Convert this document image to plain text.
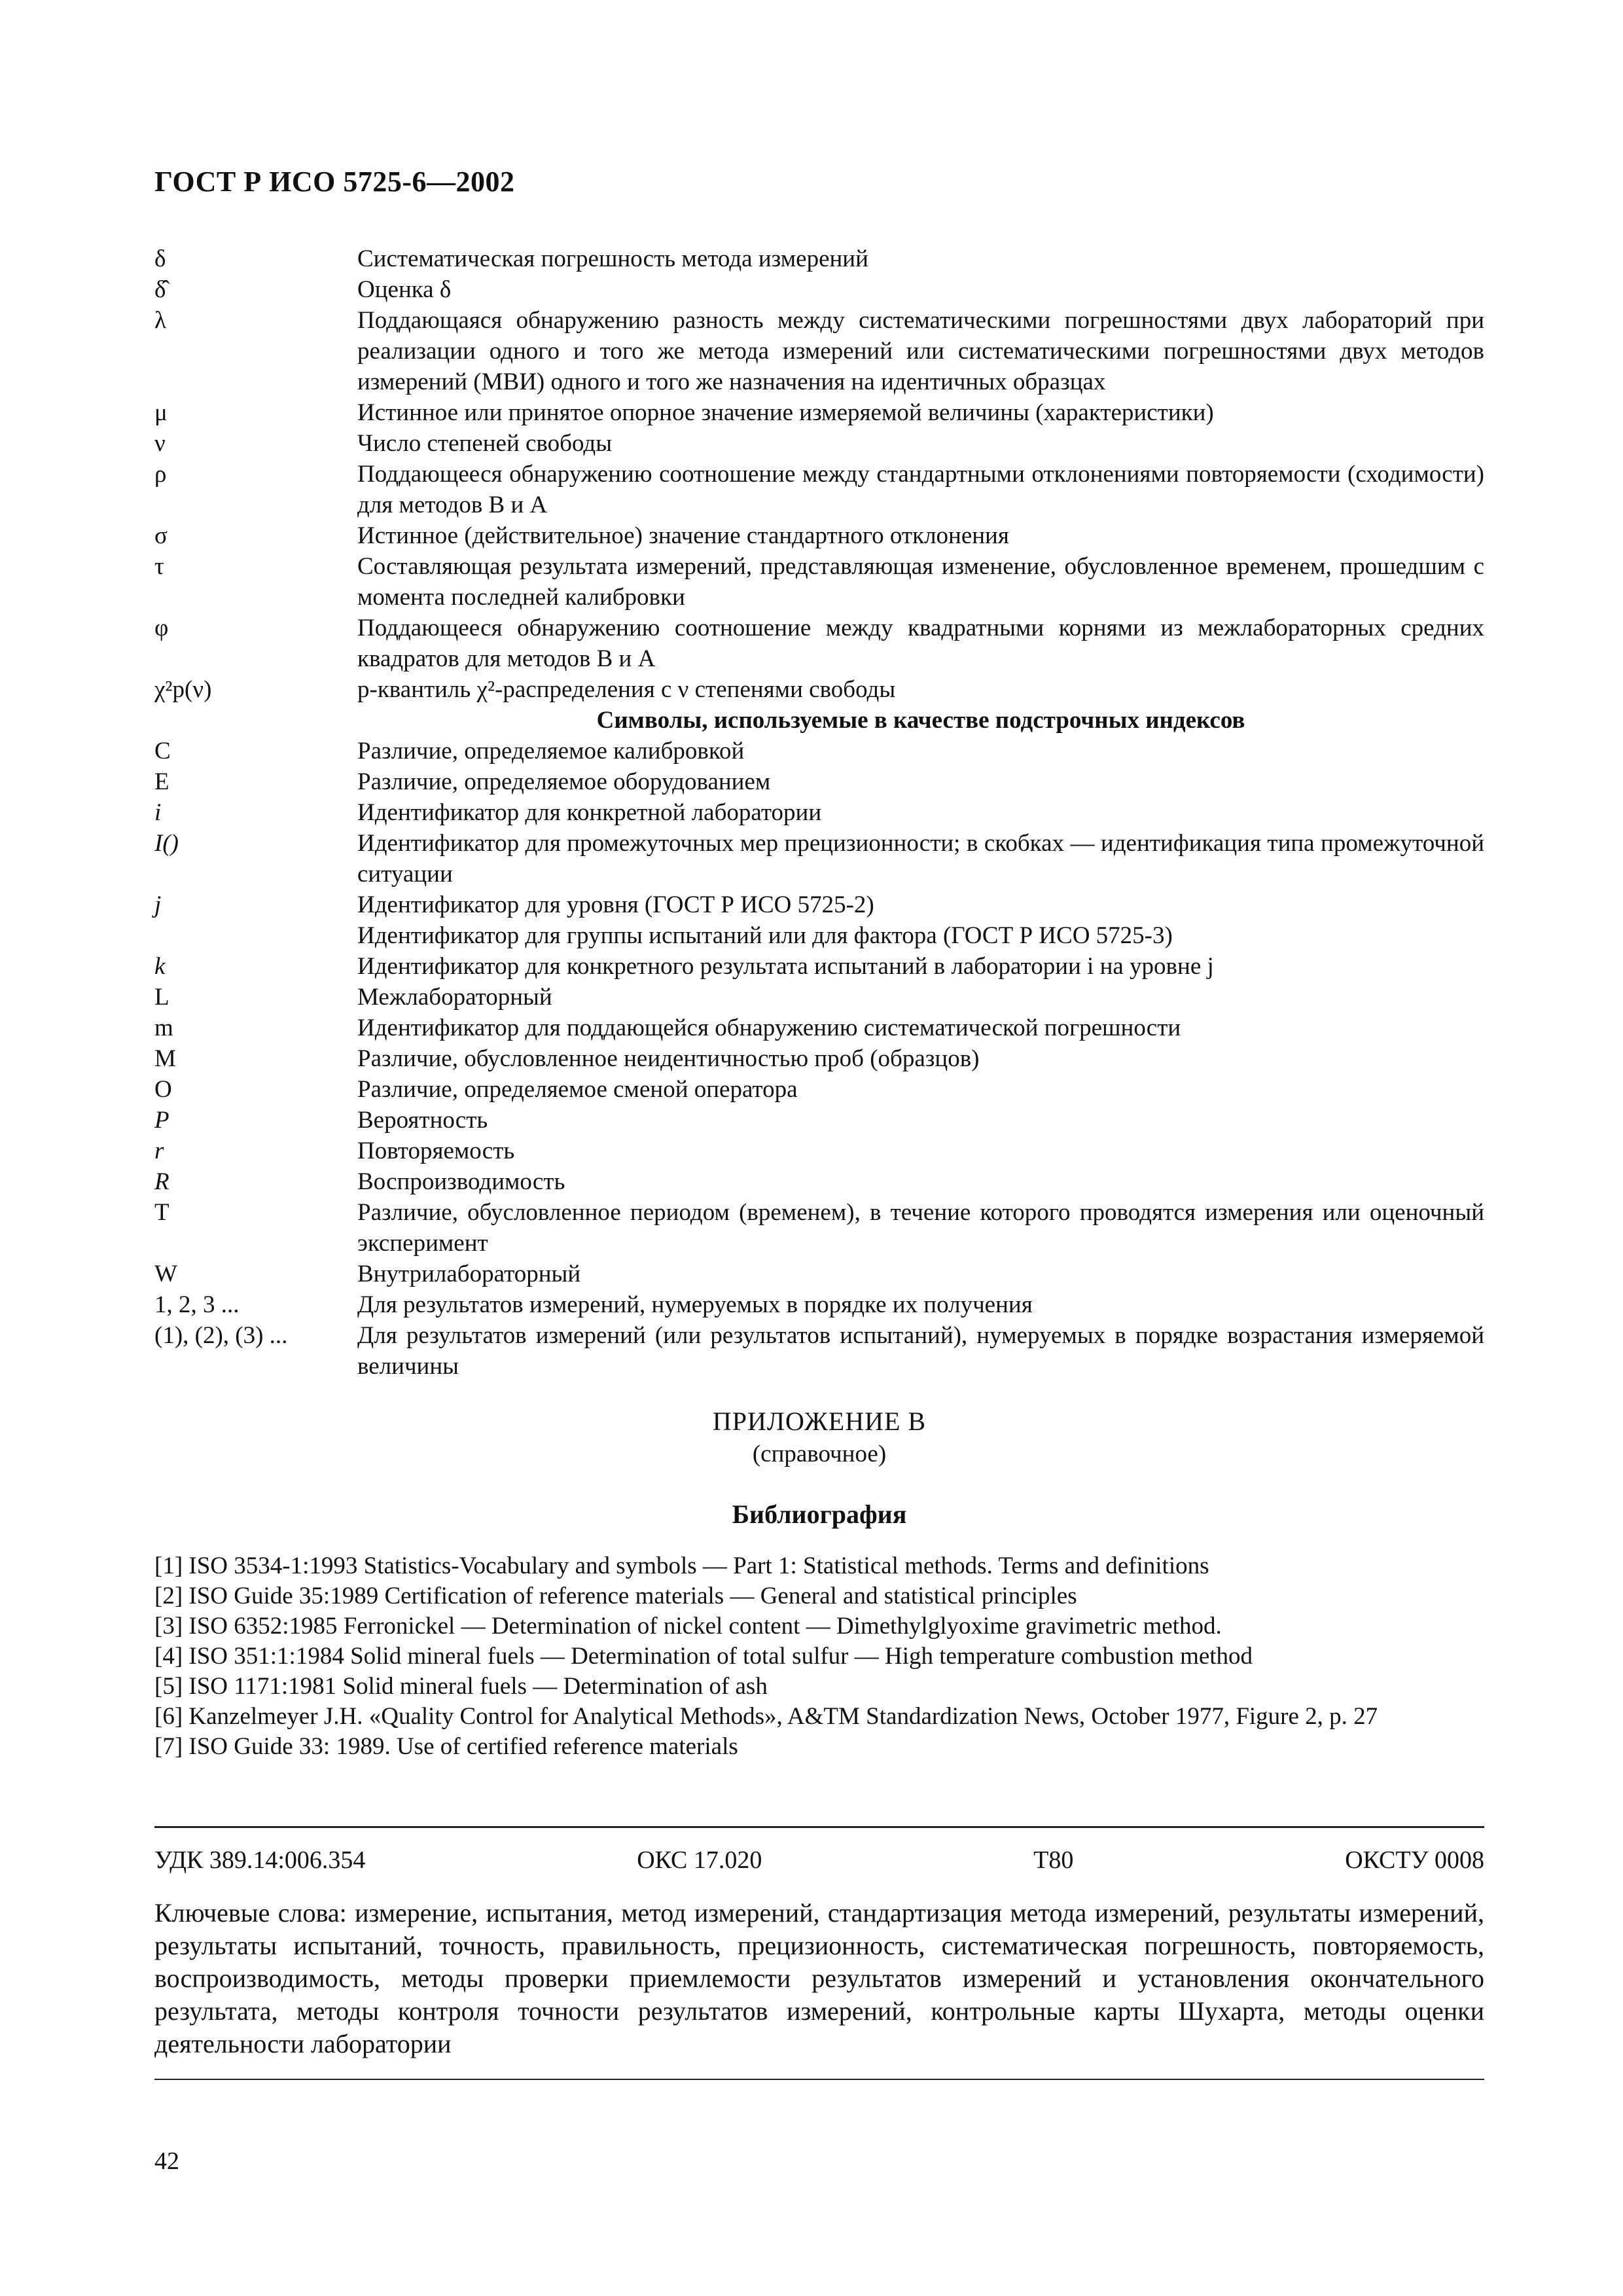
ГОСТ Р ИСО 5725-6—2002
δ	Систематическая погрешность метода измерений
δ̂	Оценка δ
λ	Поддающаяся обнаружению разность между систематическими погрешностями двух лабораторий при реализации одного и того же метода измерений или систематическими погрешностями двух методов измерений (МВИ) одного и того же назначения на идентичных образцах
μ	Истинное или принятое опорное значение измеряемой величины (характеристики)
ν	Число степеней свободы
ρ	Поддающееся обнаружению соотношение между стандартными отклонениями повторяемости (сходимости) для методов В и А
σ	Истинное (действительное) значение стандартного отклонения
τ	Составляющая результата измерений, представляющая изменение, обусловленное временем, прошедшим с момента последней калибровки
φ	Поддающееся обнаружению соотношение между квадратными корнями из межлабораторных средних квадратов для методов В и А
χ²p(ν)	p-квантиль χ²-распределения с ν степенями свободы
Символы, используемые в качестве подстрочных индексов
C	Различие, определяемое калибровкой
E	Различие, определяемое оборудованием
i	Идентификатор для конкретной лаборатории
I()	Идентификатор для промежуточных мер прецизионности; в скобках — идентификация типа промежуточной ситуации
j	Идентификатор для уровня (ГОСТ Р ИСО 5725-2)
Идентификатор для группы испытаний или для фактора (ГОСТ Р ИСО 5725-3)
k	Идентификатор для конкретного результата испытаний в лаборатории i на уровне j
L	Межлабораторный
m	Идентификатор для поддающейся обнаружению систематической погрешности
M	Различие, обусловленное неидентичностью проб (образцов)
O	Различие, определяемое сменой оператора
P	Вероятность
r	Повторяемость
R	Воспроизводимость
T	Различие, обусловленное периодом (временем), в течение которого проводятся измерения или оценочный эксперимент
W	Внутрилабораторный
1, 2, 3 ...	Для результатов измерений, нумеруемых в порядке их получения
(1), (2), (3) ...	Для результатов измерений (или результатов испытаний), нумеруемых в порядке возрастания измеряемой величины
ПРИЛОЖЕНИЕ В
(справочное)
Библиография
[1] ISO 3534-1:1993 Statistics-Vocabulary and symbols — Part 1: Statistical methods. Terms and definitions
[2] ISO Guide 35:1989 Certification of reference materials — General and statistical principles
[3] ISO 6352:1985 Ferronickel — Determination of nickel content — Dimethylglyoxime gravimetric method.
[4] ISO 351:1:1984 Solid mineral fuels — Determination of total sulfur — High temperature combustion method
[5] ISO 1171:1981 Solid mineral fuels — Determination of ash
[6] Kanzelmeyer J.H. «Quality Control for Analytical Methods», A&TM Standardization News, October 1977, Figure 2, p. 27
[7] ISO Guide 33: 1989. Use of certified reference materials
УДК 389.14:006.354	ОКС 17.020	Т80	ОКСТУ 0008
Ключевые слова: измерение, испытания, метод измерений, стандартизация метода измерений, результаты измерений, результаты испытаний, точность, правильность, прецизионность, систематическая погрешность, повторяемость, воспроизводимость, методы проверки приемлемости результатов измерений и установления окончательного результата, методы контроля точности результатов измерений, контрольные карты Шухарта, методы оценки деятельности лаборатории
42
